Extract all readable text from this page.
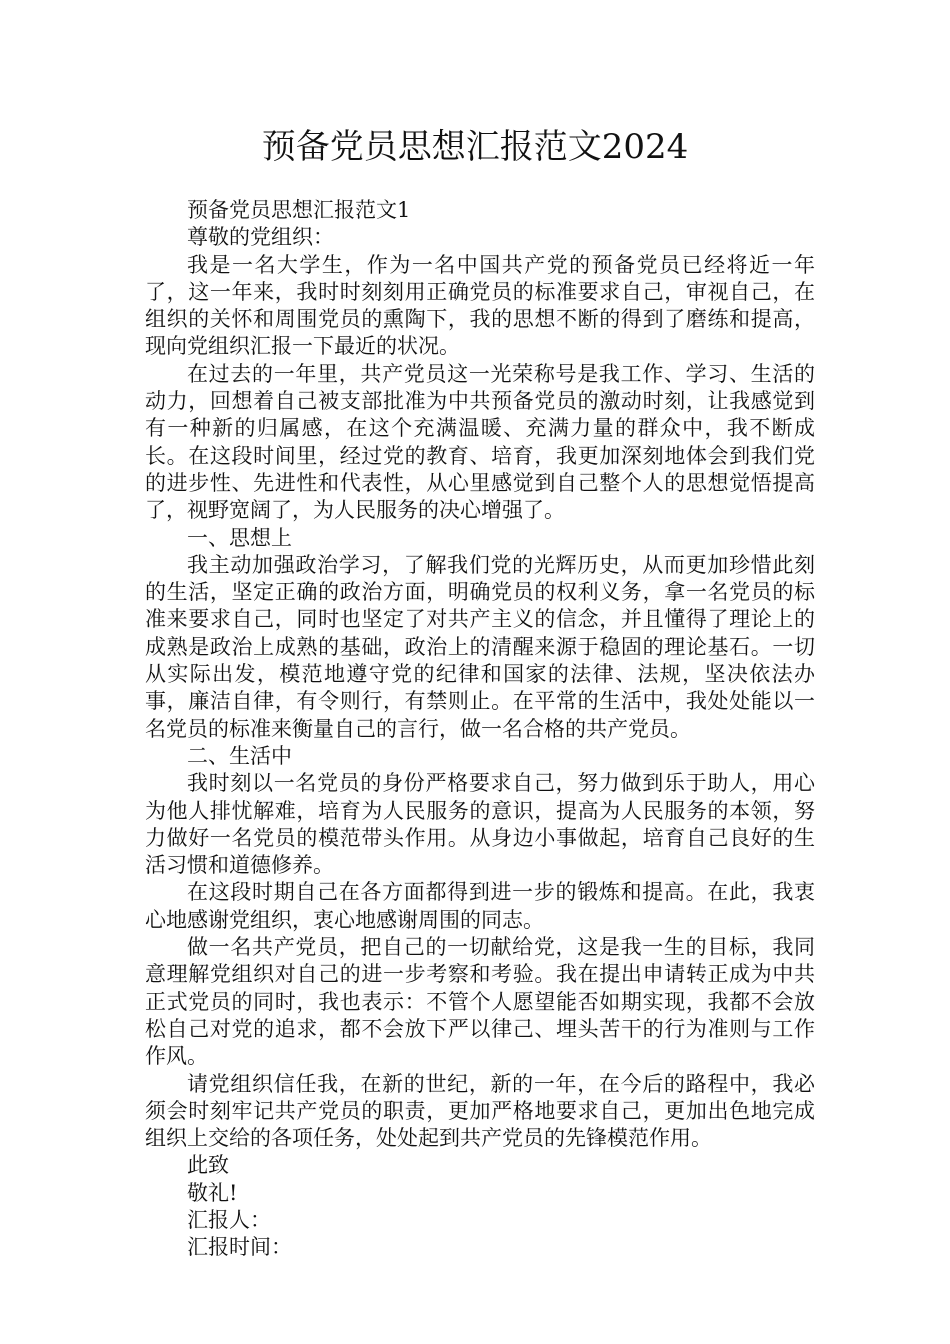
预备党员思想汇报范文2024

预备党员思想汇报范文1

尊敬的党组织：

我是一名大学生，作为一名中国共产党的预备党员已经将近一年了，这一年来，我时时刻刻用正确党员的标准要求自己，审视自己，在组织的关怀和周围党员的熏陶下，我的思想不断的得到了磨练和提高，现向党组织汇报一下最近的状况。

在过去的一年里，共产党员这一光荣称号是我工作、学习、生活的动力，回想着自己被支部批准为中共预备党员的激动时刻，让我感觉到有一种新的归属感，在这个充满温暖、充满力量的群众中，我不断成长。在这段时间里，经过党的教育、培育，我更加深刻地体会到我们党的进步性、先进性和代表性，从心里感觉到自己整个人的思想觉悟提高了，视野宽阔了，为人民服务的决心增强了。

一、思想上

我主动加强政治学习，了解我们党的光辉历史，从而更加珍惜此刻的生活，坚定正确的政治方面，明确党员的权利义务，拿一名党员的标准来要求自己，同时也坚定了对共产主义的信念，并且懂得了理论上的成熟是政治上成熟的基础，政治上的清醒来源于稳固的理论基石。一切从实际出发，模范地遵守党的纪律和国家的法律、法规，坚决依法办事，廉洁自律，有令则行，有禁则止。在平常的生活中，我处处能以一名党员的标准来衡量自己的言行，做一名合格的共产党员。

二、生活中

我时刻以一名党员的身份严格要求自己，努力做到乐于助人，用心为他人排忧解难，培育为人民服务的意识，提高为人民服务的本领，努力做好一名党员的模范带头作用。从身边小事做起，培育自己良好的生活习惯和道德修养。

在这段时期自己在各方面都得到进一步的锻炼和提高。在此，我衷心地感谢党组织，衷心地感谢周围的同志。

做一名共产党员，把自己的一切献给党，这是我一生的目标，我同意理解党组织对自己的进一步考察和考验。我在提出申请转正成为中共正式党员的同时，我也表示：不管个人愿望能否如期实现，我都不会放松自己对党的追求，都不会放下严以律己、埋头苦干的行为准则与工作作风。

请党组织信任我，在新的世纪，新的一年，在今后的路程中，我必须会时刻牢记共产党员的职责，更加严格地要求自己，更加出色地完成组织上交给的各项任务，处处起到共产党员的先锋模范作用。

此致

敬礼!

汇报人：

汇报时间：
